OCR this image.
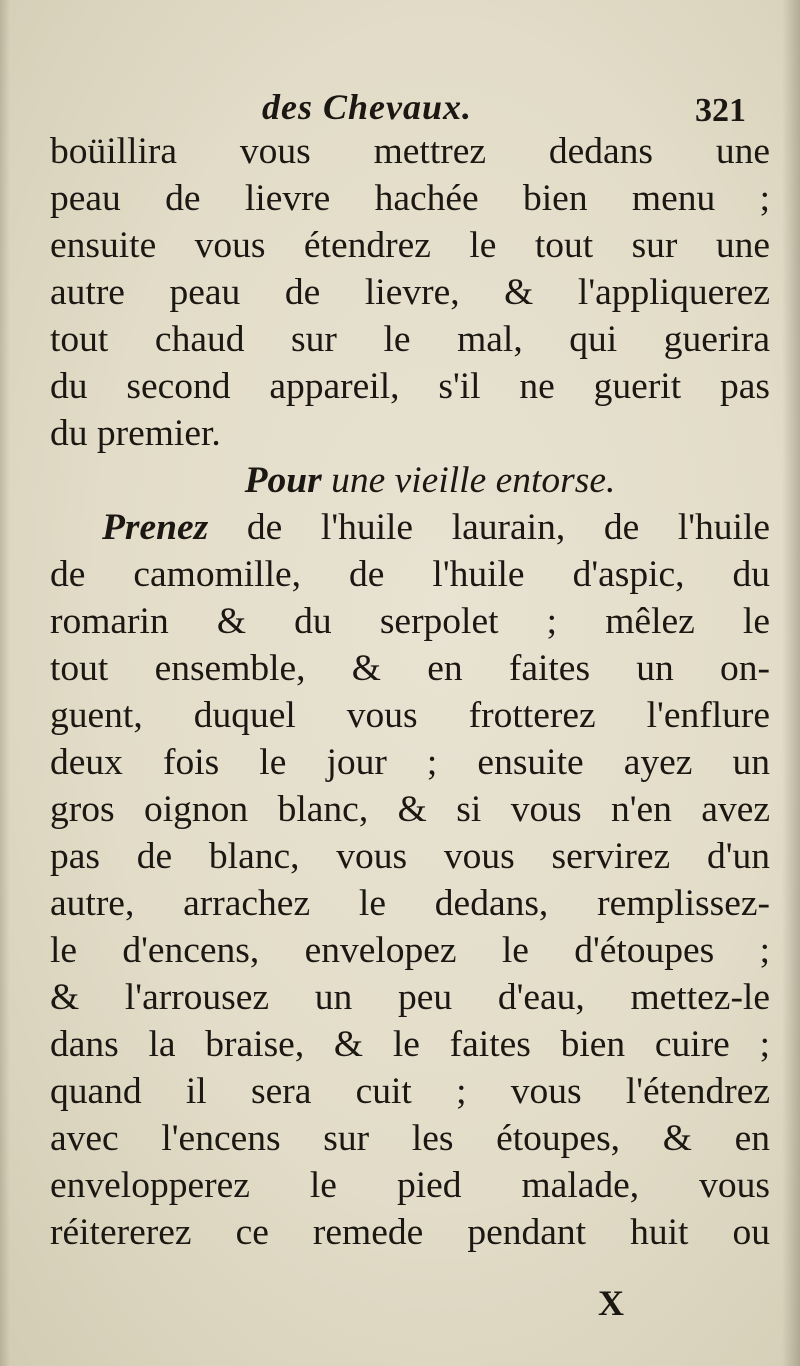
des Chevaux.	321
boüillira vous mettrez dedans une
peau de lievre hachée bien menu ;
ensuite vous étendrez le tout sur une
autre peau de lievre, & l'appliquerez
tout chaud sur le mal, qui guerira
du second appareil, s'il ne guerit pas
du premier.
Pour une vieille entorse.
Prenez de l'huile laurain, de l'huile
de camomille, de l'huile d'aspic, du
romarin & du serpolet ; mêlez le
tout ensemble, & en faites un on-
guent, duquel vous frotterez l'enflure
deux fois le jour ; ensuite ayez un
gros oignon blanc, & si vous n'en avez
pas de blanc, vous vous servirez d'un
autre, arrachez le dedans, remplissez-
le d'encens, envelopez le d'étoupes ;
& l'arrousez un peu d'eau, mettez-le
dans la braise, & le faites bien cuire ;
quand il sera cuit ; vous l'étendrez
avec l'encens sur les étoupes, & en
envelopperez le pied malade, vous
réitererez ce remede pendant huit ou
X
